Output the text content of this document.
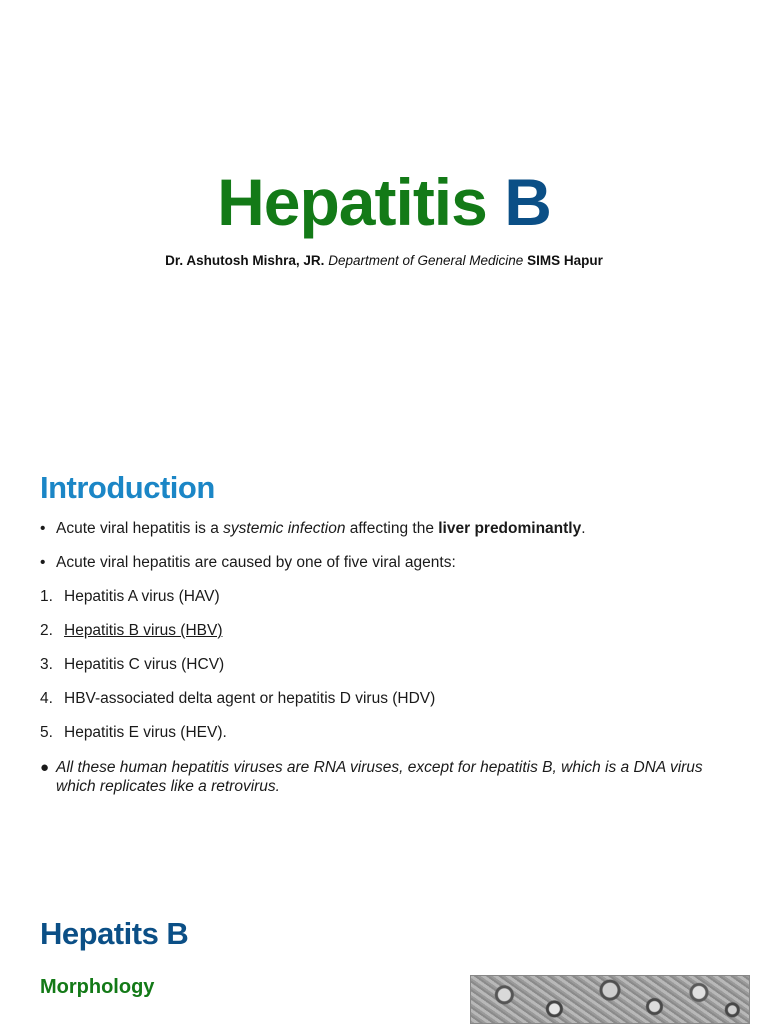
Hepatitis B
Dr. Ashutosh Mishra, JR. Department of General Medicine SIMS Hapur
Introduction
• Acute viral hepatitis is a systemic infection affecting the liver predominantly.
• Acute viral hepatitis are caused by one of five viral agents:
1. Hepatitis A virus (HAV)
2. Hepatitis B virus (HBV)
3. Hepatitis C virus (HCV)
4. HBV-associated delta agent or hepatitis D virus (HDV)
5. Hepatitis E virus (HEV).
● All these human hepatitis viruses are RNA viruses, except for hepatitis B, which is a DNA virus which replicates like a retrovirus.
Hepatits B
Morphology
